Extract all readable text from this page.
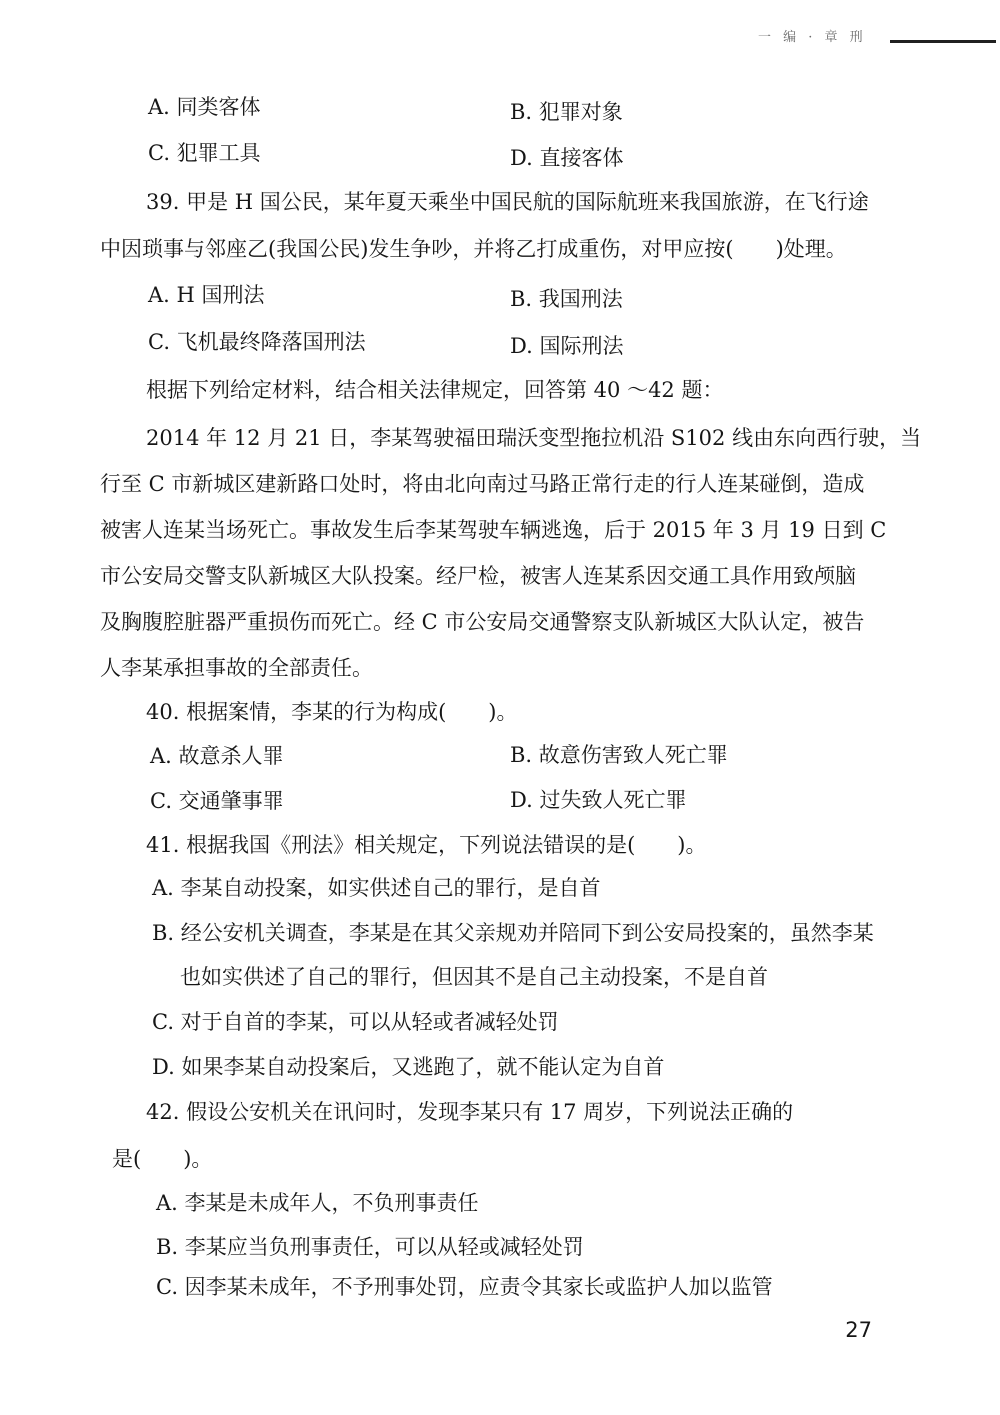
一 编 · 章 刑
A. 同类客体	B. 犯罪对象
C. 犯罪工具	D. 直接客体
39. 甲是 H 国公民，某年夏天乘坐中国民航的国际航班来我国旅游，在飞行途
中因琐事与邻座乙(我国公民)发生争吵，并将乙打成重伤，对甲应按(　　)处理。
A. H 国刑法	B. 我国刑法
C. 飞机最终降落国刑法	D. 国际刑法
根据下列给定材料，结合相关法律规定，回答第 40 ～42 题：
2014 年 12 月 21 日，李某驾驶福田瑞沃变型拖拉机沿 S102 线由东向西行驶，当
行至 C 市新城区建新路口处时，将由北向南过马路正常行走的行人连某碰倒，造成
被害人连某当场死亡。事故发生后李某驾驶车辆逃逸，后于 2015 年 3 月 19 日到 C
市公安局交警支队新城区大队投案。经尸检，被害人连某系因交通工具作用致颅脑
及胸腹腔脏器严重损伤而死亡。经 C 市公安局交通警察支队新城区大队认定，被告
人李某承担事故的全部责任。
40. 根据案情，李某的行为构成(　　)。
A. 故意杀人罪	B. 故意伤害致人死亡罪
C. 交通肇事罪	D. 过失致人死亡罪
41. 根据我国《刑法》相关规定，下列说法错误的是(　　)。
A. 李某自动投案，如实供述自己的罪行，是自首
B. 经公安机关调查，李某是在其父亲规劝并陪同下到公安局投案的，虽然李某
也如实供述了自己的罪行，但因其不是自己主动投案，不是自首
C. 对于自首的李某，可以从轻或者减轻处罚
D. 如果李某自动投案后，又逃跑了，就不能认定为自首
42. 假设公安机关在讯问时，发现李某只有 17 周岁，下列说法正确的
是(　　)。
A. 李某是未成年人，不负刑事责任
B. 李某应当负刑事责任，可以从轻或减轻处罚
C. 因李某未成年，不予刑事处罚，应责令其家长或监护人加以监管
27
